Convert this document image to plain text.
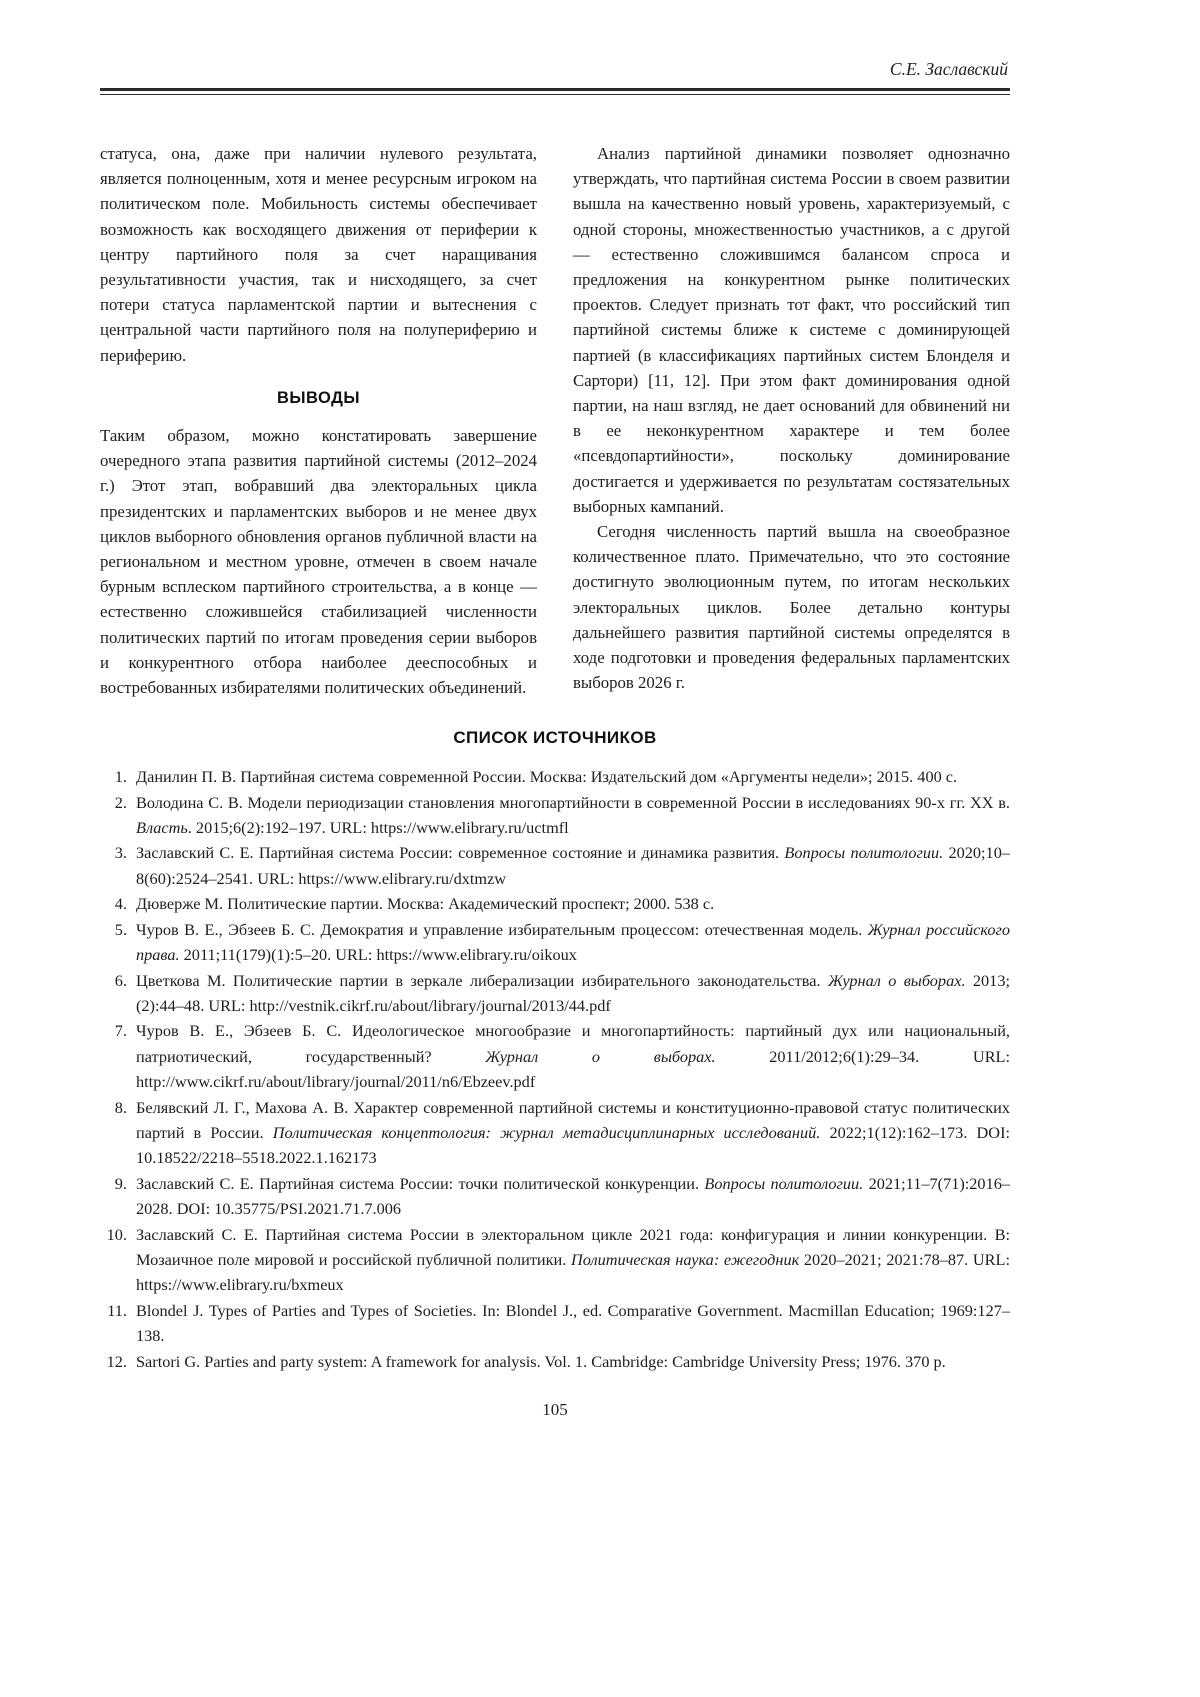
С.Е. Заславский

статуса, она, даже при наличии нулевого результата, является полноценным, хотя и менее ресурсным игроком на политическом поле. Мобильность системы обеспечивает возможность как восходящего движения от периферии к центру партийного поля за счет наращивания результативности участия, так и нисходящего, за счет потери статуса парламентской партии и вытеснения с центральной части партийного поля на полупериферию и периферию.

ВЫВОДЫ

Таким образом, можно констатировать завершение очередного этапа развития партийной системы (2012–2024 г.) Этот этап, вобравший два электоральных цикла президентских и парламентских выборов и не менее двух циклов выборного обновления органов публичной власти на региональном и местном уровне, отмечен в своем начале бурным всплеском партийного строительства, а в конце — естественно сложившейся стабилизацией численности политических партий по итогам проведения серии выборов и конкурентного отбора наиболее дееспособных и востребованных избирателями политических объединений.

Анализ партийной динамики позволяет однозначно утверждать, что партийная система России в своем развитии вышла на качественно новый уровень, характеризуемый, с одной стороны, множественностью участников, а с другой — естественно сложившимся балансом спроса и предложения на конкурентном рынке политических проектов. Следует признать тот факт, что российский тип партийной системы ближе к системе с доминирующей партией (в классификациях партийных систем Блонделя и Сартори) [11, 12]. При этом факт доминирования одной партии, на наш взгляд, не дает оснований для обвинений ни в ее неконкурентном характере и тем более «псевдопартийности», поскольку доминирование достигается и удерживается по результатам состязательных выборных кампаний.

Сегодня численность партий вышла на своеобразное количественное плато. Примечательно, что это состояние достигнуто эволюционным путем, по итогам нескольких электоральных циклов. Более детально контуры дальнейшего развития партийной системы определятся в ходе подготовки и проведения федеральных парламентских выборов 2026 г.

СПИСОК ИСТОЧНИКОВ
1. Данилин П. В. Партийная система современной России. Москва: Издательский дом «Аргументы недели»; 2015. 400 с.
2. Володина С. В. Модели периодизации становления многопартийности в современной России в исследованиях 90-х гг. ХХ в. Власть. 2015;6(2):192–197. URL: https://www.elibrary.ru/uctmfl
3. Заславский С. Е. Партийная система России: современное состояние и динамика развития. Вопросы политологии. 2020;10–8(60):2524–2541. URL: https://www.elibrary.ru/dxtmzw
4. Дюверже М. Политические партии. Москва: Академический проспект; 2000. 538 с.
5. Чуров В. Е., Эбзеев Б. С. Демократия и управление избирательным процессом: отечественная модель. Журнал российского права. 2011;11(179)(1):5–20. URL: https://www.elibrary.ru/oikoux
6. Цветкова М. Политические партии в зеркале либерализации избирательного законодательства. Журнал о выборах. 2013;(2):44–48. URL: http://vestnik.cikrf.ru/about/library/journal/2013/44.pdf
7. Чуров В. Е., Эбзеев Б. С. Идеологическое многообразие и многопартийность: партийный дух или национальный, патриотический, государственный? Журнал о выборах. 2011/2012;6(1):29–34. URL: http://www.cikrf.ru/about/library/journal/2011/n6/Ebzeev.pdf
8. Белявский Л. Г., Махова А. В. Характер современной партийной системы и конституционно-правовой статус политических партий в России. Политическая концептология: журнал метадисциплинарных исследований. 2022;1(12):162–173. DOI: 10.18522/2218–5518.2022.1.162173
9. Заславский С. Е. Партийная система России: точки политической конкуренции. Вопросы политологии. 2021;11–7(71):2016–2028. DOI: 10.35775/PSI.2021.71.7.006
10. Заславский С. Е. Партийная система России в электоральном цикле 2021 года: конфигурация и линии конкуренции. В: Мозаичное поле мировой и российской публичной политики. Политическая наука: ежегодник 2020–2021; 2021:78–87. URL: https://www.elibrary.ru/bxmeux
11. Blondel J. Types of Parties and Types of Societies. In: Blondel J., ed. Comparative Government. Macmillan Education; 1969:127–138.
12. Sartori G. Parties and party system: A framework for analysis. Vol. 1. Cambridge: Cambridge University Press; 1976. 370 p.
105
